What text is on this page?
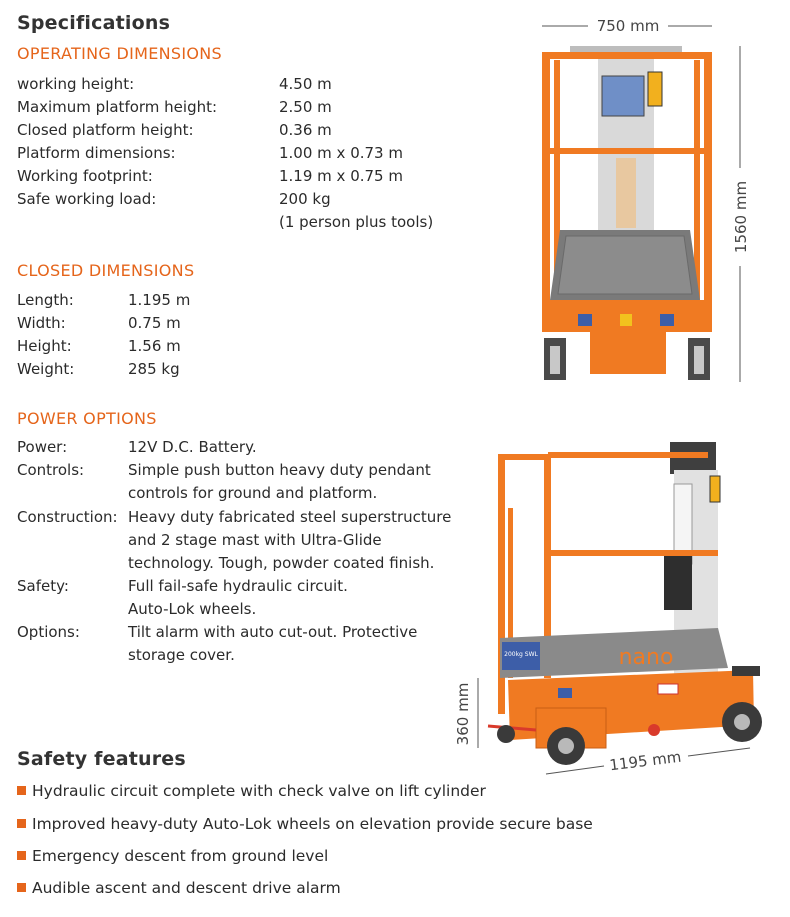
Specifications
OPERATING DIMENSIONS
working height:	4.50 m
Maximum platform height:	2.50 m
Closed platform height:	0.36 m
Platform dimensions:	1.00 m x 0.73 m
Working footprint:	1.19 m x 0.75 m
Safe working load:	200 kg
(1 person plus tools)
CLOSED DIMENSIONS
Length:	1.195 m
Width:	0.75 m
Height:	1.56 m
Weight:	285 kg
POWER OPTIONS
Power:	12V D.C. Battery.
Controls:	Simple push button heavy duty pendant
controls for ground and platform.
Construction: Heavy duty fabricated steel superstructure
and 2 stage mast with Ultra-Glide
technology. Tough, powder coated finish.
Safety:	Full fail-safe hydraulic circuit.
Auto-Lok wheels.
Options:	Tilt alarm with auto cut-out. Protective
storage cover.
Safety features
Hydraulic circuit complete with check valve on lift cylinder
Improved heavy-duty Auto-Lok wheels on elevation provide secure base
Emergency descent from ground level
Audible ascent and descent drive alarm
750 mm
1560 mm
360 mm
1195 mm
nano
200kg SWL
